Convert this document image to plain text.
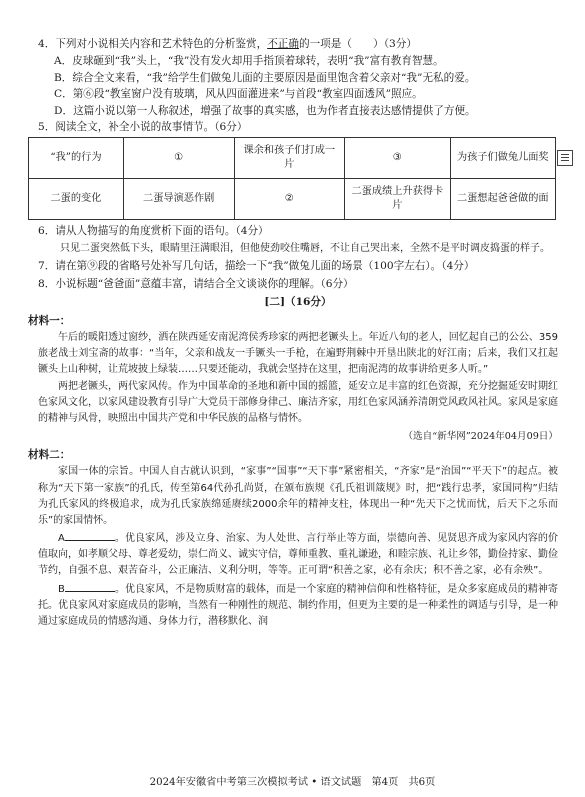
4．下列对小说相关内容和艺术特色的分析鉴赏，不正确的一项是（　　）（3分）

A．皮球砸到“我”头上，“我”没有发火却用手指顶着球转，表明“我”富有教育智慧。

B．综合全文来看，“我”给学生们做兔儿面的主要原因是面里饱含着父亲对“我”无私的爱。

C．第⑥段“教室窗户没有玻璃，风从四面灌进来”与首段“教室四面透风”照应。

D．这篇小说以第一人称叙述，增强了故事的真实感，也为作者直接表达感情提供了方便。

5．阅读全文，补全小说的故事情节。（6分）

“我”的行为	①	课余和孩子们打成一片	③	为孩子们做兔儿面奖
二蛋的变化	二蛋导演恶作剧	②	二蛋成绩上升获得卡片	二蛋想起爸爸做的面

6．请从人物描写的角度赏析下面的语句。（4分）

只见二蛋突然低下头，眼睛里汪满眼泪，但他使劲咬住嘴唇，不让自己哭出来，全然不是平时调皮捣蛋的样子。

7．请在第⑨段的省略号处补写几句话，描绘一下“我”做兔儿面的场景（100字左右）。（4分）

8．小说标题“爸爸面”意蕴丰富，请结合全文谈谈你的理解。（6分）

[二]（16分）

材料一：

午后的暖阳透过窗纱，洒在陕西延安南泥湾侯秀珍家的两把老镢头上。年近八旬的老人，回忆起自己的公公、359旅老战士刘宝斋的故事：“当年，父亲和战友一手镢头一手枪，在遍野荆棘中开垦出陕北的好江南；后来，我们又扛起镢头上山种树，让荒坡披上绿装……只要还能动，我就会坚持在这里，把南泥湾的故事讲给更多人听。”

两把老镢头，两代家风传。作为中国革命的圣地和新中国的摇篮，延安立足丰富的红色资源，充分挖掘延安时期红色家风文化，以家风建设教育引导广大党员干部修身律己、廉洁齐家，用红色家风涵养清朗党风政风社风。家风是家庭的精神与风骨，映照出中国共产党和中华民族的品格与情怀。

（选自“新华网”2024年04月09日）

材料二：

家国一体的宗旨。中国人自古就认识到，“家事”“国事”“天下事”紧密相关，“齐家”是“治国”“平天下”的起点。被称为“天下第一家族”的孔氏，传至第64代孙孔尚贤，在颁布族规《孔氏祖训箴规》时，把“践行忠孝，家国同构”归结为孔氏家风的终极追求，成为孔氏家族绵延赓续2000余年的精神支柱，体现出一种“先天下之忧而忧，后天下之乐而乐”的家国情怀。

A	。优良家风，涉及立身、治家、为人处世、言行举止等方面，崇德向善、见贤思齐成为家风内容的价值取向，如孝顺父母、尊老爱幼，崇仁尚义、诚实守信，尊师重教、重礼谦逊，和睦宗族、礼让乡邻，勤俭持家、勤俭节约，自强不息、艰苦奋斗，公正廉洁、义利分明，等等。正可谓“积善之家，必有余庆；积不善之家，必有余殃”。

B	。优良家风，不是物质财富的载体，而是一个家庭的精神信仰和性格特征，是众多家庭成员的精神寄托。优良家风对家庭成员的影响，当然有一种刚性的规范、制约作用，但更为主要的是一种柔性的调适与引导，是一种通过家庭成员的情感沟通、身体力行，潜移默化、润

2024年安徽省中考第三次模拟考试 • 语文试题　第4页　共6页
